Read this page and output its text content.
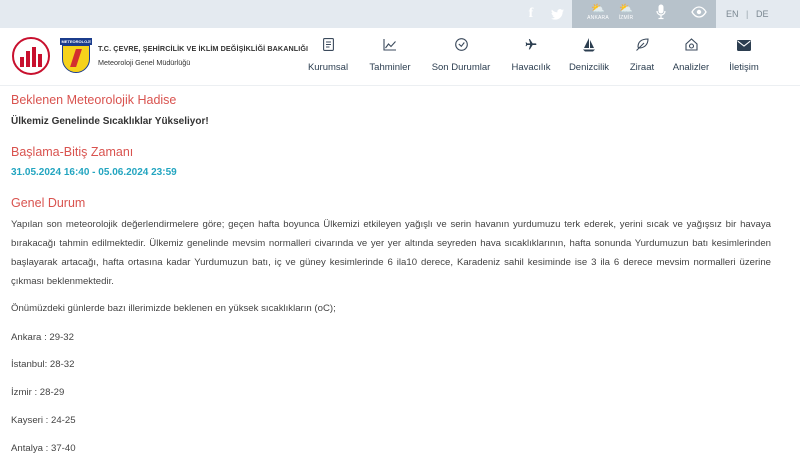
f	⛅
ANKARA
⛅
İZMİR	EN | DE
METEOROLOJİ
T.C. ÇEVRE, ŞEHİRCİLİK VE İKLİM DEĞİŞİKLİĞİ BAKANLIĞI
Meteoroloji Genel Müdürlüğü	Kurumsal	Tahminler	Son Durumlar	Havacılık	Denizcilik	Ziraat	Analizler	İletişim
Beklenen Meteorolojik Hadise
Ülkemiz Genelinde Sıcaklıklar Yükseliyor!
Başlama-Bitiş Zamanı
31.05.2024 16:40 - 05.06.2024 23:59
Genel Durum
Yapılan son meteorolojik değerlendirmelere göre; geçen hafta boyunca Ülkemizi etkileyen yağışlı ve serin havanın yurdumuzu terk ederek, yerini sıcak ve yağışsız bir havaya bırakacağı tahmin edilmektedir. Ülkemiz genelinde mevsim normalleri civarında ve yer yer altında seyreden hava sıcaklıklarının, hafta sonunda Yurdumuzun batı kesimlerinden başlayarak artacağı, hafta ortasına kadar Yurdumuzun batı, iç ve güney kesimlerinde 6 ila10 derece, Karadeniz sahil kesiminde ise 3 ila 6 derece mevsim normalleri üzerine çıkması beklenmektedir.
Önümüzdeki günlerde bazı illerimizde beklenen en yüksek sıcaklıkların (oC);
Ankara : 29-32
İstanbul: 28-32
İzmir : 28-29
Kayseri : 24-25
Antalya : 37-40
